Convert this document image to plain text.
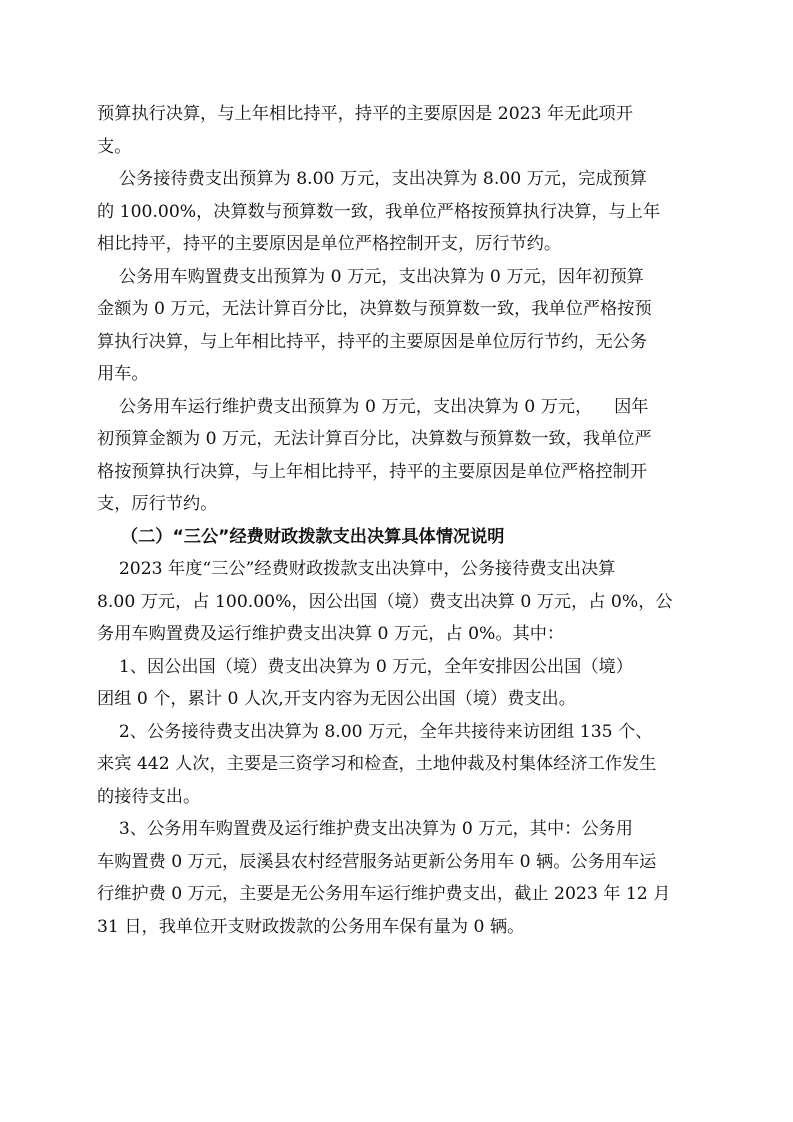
预算执行决算，与上年相比持平，持平的主要原因是 2023 年无此项开
支。
公务接待费支出预算为 8.00 万元，支出决算为 8.00 万元，完成预算
的 100.00%，决算数与预算数一致，我单位严格按预算执行决算，与上年
相比持平，持平的主要原因是单位严格控制开支，厉行节约。
公务用车购置费支出预算为 0 万元，支出决算为 0 万元，因年初预算
金额为 0 万元，无法计算百分比，决算数与预算数一致，我单位严格按预
算执行决算，与上年相比持平，持平的主要原因是单位厉行节约，无公务
用车。
公务用车运行维护费支出预算为 0 万元，支出决算为 0 万元，    因年
初预算金额为 0 万元，无法计算百分比，决算数与预算数一致，我单位严
格按预算执行决算，与上年相比持平，持平的主要原因是单位严格控制开
支，厉行节约。
（二）“三公”经费财政拨款支出决算具体情况说明
2023 年度“三公”经费财政拨款支出决算中，公务接待费支出决算
8.00 万元，占 100.00%，因公出国（境）费支出决算 0 万元，占 0%，公
务用车购置费及运行维护费支出决算 0 万元，占 0%。其中：
1、因公出国（境）费支出决算为 0 万元，全年安排因公出国（境）
团组 0 个，累计 0 人次,开支内容为无因公出国（境）费支出。
2、公务接待费支出决算为 8.00 万元，全年共接待来访团组 135 个、
来宾 442 人次，主要是三资学习和检查，土地仲裁及村集体经济工作发生
的接待支出。
3、公务用车购置费及运行维护费支出决算为 0 万元，其中：公务用
车购置费 0 万元，辰溪县农村经营服务站更新公务用车 0 辆。公务用车运
行维护费 0 万元，主要是无公务用车运行维护费支出，截止 2023 年 12 月
31 日，我单位开支财政拨款的公务用车保有量为 0 辆。
